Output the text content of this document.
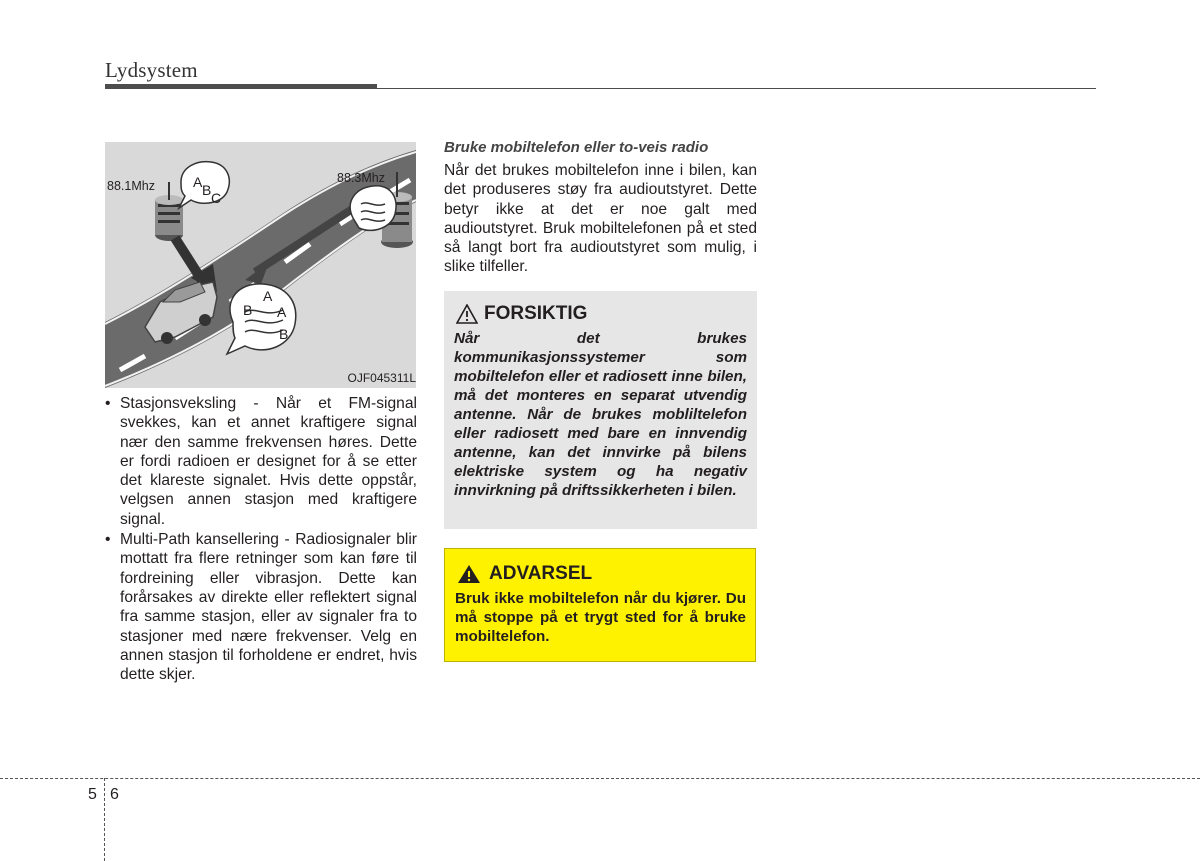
Lydsystem
88.1Mhz
88.3Mhz
A B C
A
B A
B
OJF045311L
• Stasjonsveksling - Når et FM-signal svekkes, kan et annet kraftigere signal nær den samme frekvensen høres. Dette er fordi radioen er designet for å se etter det klareste signalet. Hvis dette oppstår, velgsen annen stasjon med kraftigere signal.
• Multi-Path kansellering - Radiosignaler blir mottatt fra flere retninger som kan føre til fordreining eller vibrasjon. Dette kan forårsakes av direkte eller reflektert signal fra samme stasjon, eller av signaler fra to stasjoner med nære frekvenser. Velg en annen stasjon til forholdene er endret, hvis dette skjer.
Bruke mobiltelefon eller to-veis radio

Når det brukes mobiltelefon inne i bilen, kan det produseres støy fra audioutstyret. Dette betyr ikke at det er noe galt med audioutstyret. Bruk mobiltelefonen på et sted så langt bort fra audioutstyret som mulig, i slike tilfeller.

FORSIKTIG

Når det brukes kommunikasjonssystemer som mobiltelefon eller et radiosett inne bilen, må det monteres en separat utvendig antenne. Når de brukes mobliltelefon eller radiosett med bare en innvendig antenne, kan det innvirke på bilens elektriske system og ha negativ innvirkning på driftssikkerheten i bilen.

ADVARSEL

Bruk ikke mobiltelefon når du kjører. Du må stoppe på et trygt sted for å bruke mobiltelefon.

5 6
